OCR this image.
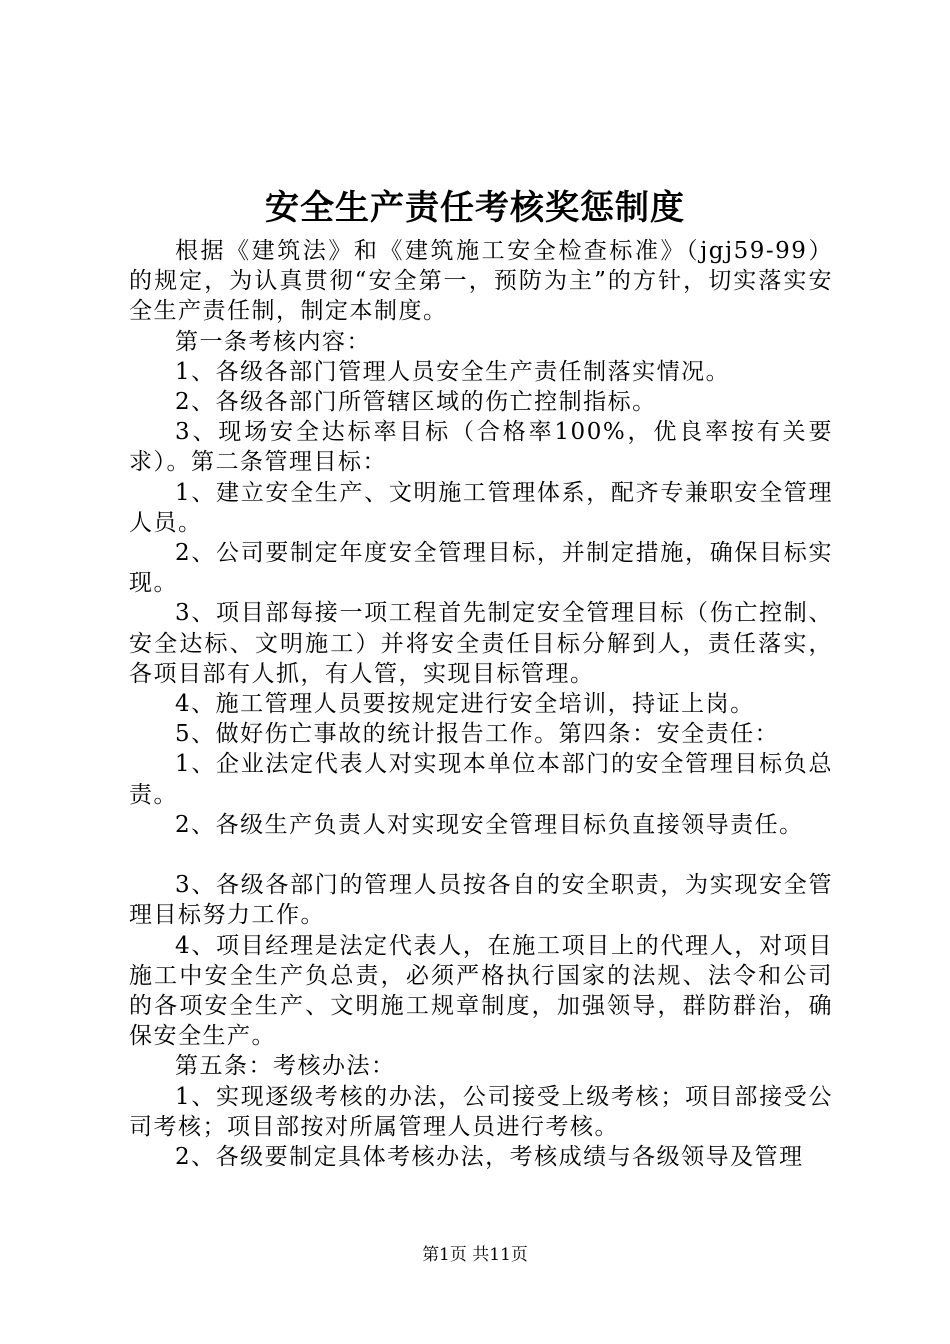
安全生产责任考核奖惩制度

根据《建筑法》和《建筑施工安全检查标准》（jgj59-99）的规定，为认真贯彻“安全第一，预防为主”的方针，切实落实安全生产责任制，制定本制度。

第一条考核内容：

1、各级各部门管理人员安全生产责任制落实情况。

2、各级各部门所管辖区域的伤亡控制指标。

3、现场安全达标率目标（合格率100%，优良率按有关要求）。第二条管理目标：

1、建立安全生产、文明施工管理体系，配齐专兼职安全管理人员。

2、公司要制定年度安全管理目标，并制定措施，确保目标实现。

3、项目部每接一项工程首先制定安全管理目标（伤亡控制、安全达标、文明施工）并将安全责任目标分解到人，责任落实，各项目部有人抓，有人管，实现目标管理。

4、施工管理人员要按规定进行安全培训，持证上岗。

5、做好伤亡事故的统计报告工作。第四条：安全责任：

1、企业法定代表人对实现本单位本部门的安全管理目标负总责。

2、各级生产负责人对实现安全管理目标负直接领导责任。

3、各级各部门的管理人员按各自的安全职责，为实现安全管理目标努力工作。

4、项目经理是法定代表人，在施工项目上的代理人，对项目施工中安全生产负总责，必须严格执行国家的法规、法令和公司的各项安全生产、文明施工规章制度，加强领导，群防群治，确保安全生产。

第五条：考核办法：

1、实现逐级考核的办法，公司接受上级考核；项目部接受公司考核；项目部按对所属管理人员进行考核。

2、各级要制定具体考核办法，考核成绩与各级领导及管理

第1页 共11页
